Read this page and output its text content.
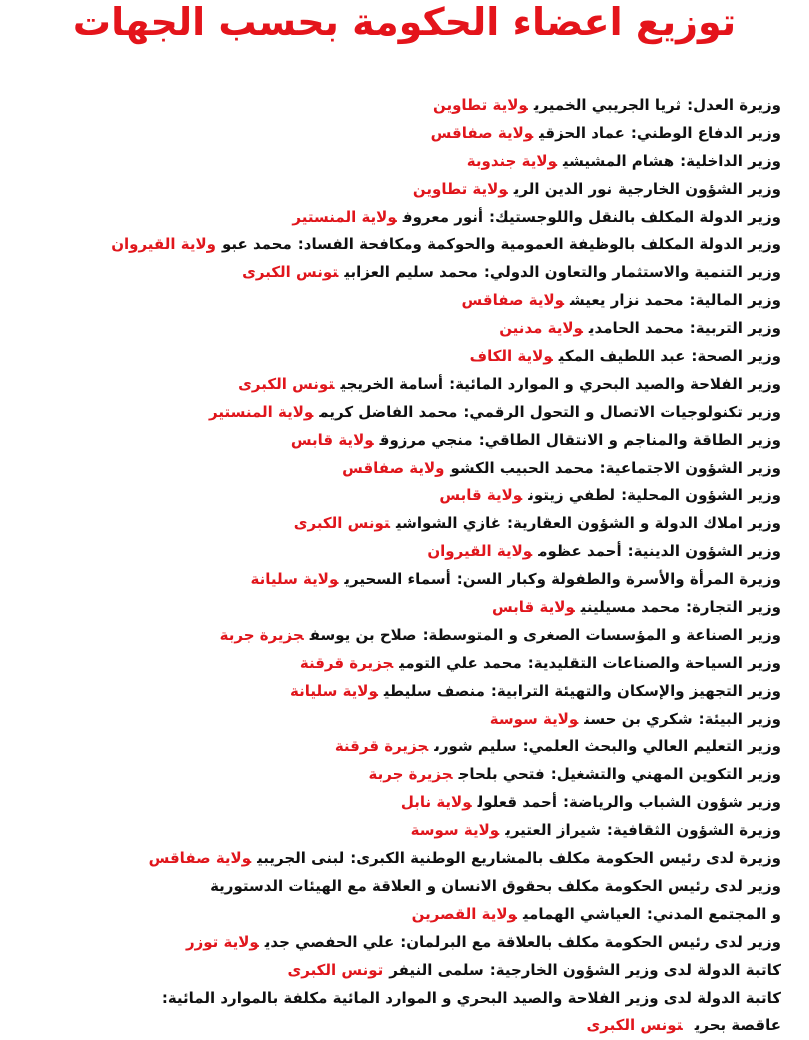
توزيع اعضاء الحكومة بحسب الجهات
وزيرة العدل:ثريا الجريبي الخميريولاية تطاوين
وزير الدفاع الوطني:عماد الحزقيولاية صفاقس
وزير الداخلية:هشام المشيشيولاية جندوبة
وزير الشؤون الخارجيةنور الدين الريولاية تطاوين
وزير الدولة المكلف بالنقل واللوجستيك:أنور معروفولاية المنستير
وزير الدولة المكلف بالوظيفة العمومية والحوكمة ومكافحة الفساد:محمد عبوولاية القيروان
وزير التنمية والاستثمار والتعاون الدولي:محمد سليم العزابيتونس الكبرى
وزير المالية:محمد نزار يعيشولاية صفاقس
وزير التربية:محمد الحامديولاية مدنين
وزير الصحة:عبد اللطيف المكيولاية الكاف
وزير الفلاحة والصيد البحري و الموارد المائية:أسامة الخريجيتونس الكبرى
وزير تكنولوجيات الاتصال و التحول الرقمي:محمد الفاضل كريمولاية المنستير
وزير الطاقة والمناجم و الانتقال الطاقي:منجي مرزوقولاية قابس
وزير الشؤون الاجتماعية:محمد الحبيب الكشوولاية صفاقس
وزير الشؤون المحلية:لطفي زيتونولاية قابس
وزير املاك الدولة و الشؤون العقارية:غازي الشواشيتونس الكبرى
وزير الشؤون الدينية:أحمد عظومولاية القيروان
وزيرة المرأة والأسرة والطفولة وكبار السن:أسماء السحيريولاية سليانة
وزير التجارة:محمد مسيلينيولاية قابس
وزير الصناعة و المؤسسات الصغرى و المتوسطة:صلاح بن يوسفجزيرة جربة
وزير السياحة والصناعات التقليدية:محمد علي التوميجزيرة قرقنة
وزير التجهيز والإسكان والتهيئة الترابية:منصف سليطيولاية سليانة
وزير البيئة:شكري بن حسنولاية سوسة
وزير التعليم العالي والبحث العلمي:سليم شورىجزيرة قرقنة
وزير التكوين المهني والتشغيل:فتحي بلحاججزيرة جربة
وزير شؤون الشباب والرياضة:أحمد قعلولولاية نابل
وزيرة الشؤون الثقافية:شيراز العتيريولاية سوسة
وزيرة لدى رئيس الحكومة مكلف بالمشاريع الوطنية الكبرى:لبنى الجريبيولاية صفاقس
وزير لدى رئيس الحكومة مكلف بحقوق الانسان و العلاقة مع الهيئات الدستورية
و المجتمع المدني:العياشي الهماميولاية القصرين
وزير لدى رئيس الحكومة مكلف بالعلاقة مع البرلمان:علي الحفصي جديولاية توزر
كاتبة الدولة لدى وزير الشؤون الخارجية:سلمى النيفرتونس الكبرى
كاتبة الدولة لدى وزير الفلاحة والصيد البحري و الموارد المائية مكلفة بالموارد المائية:
عاقصة بحريتونس الكبرى
